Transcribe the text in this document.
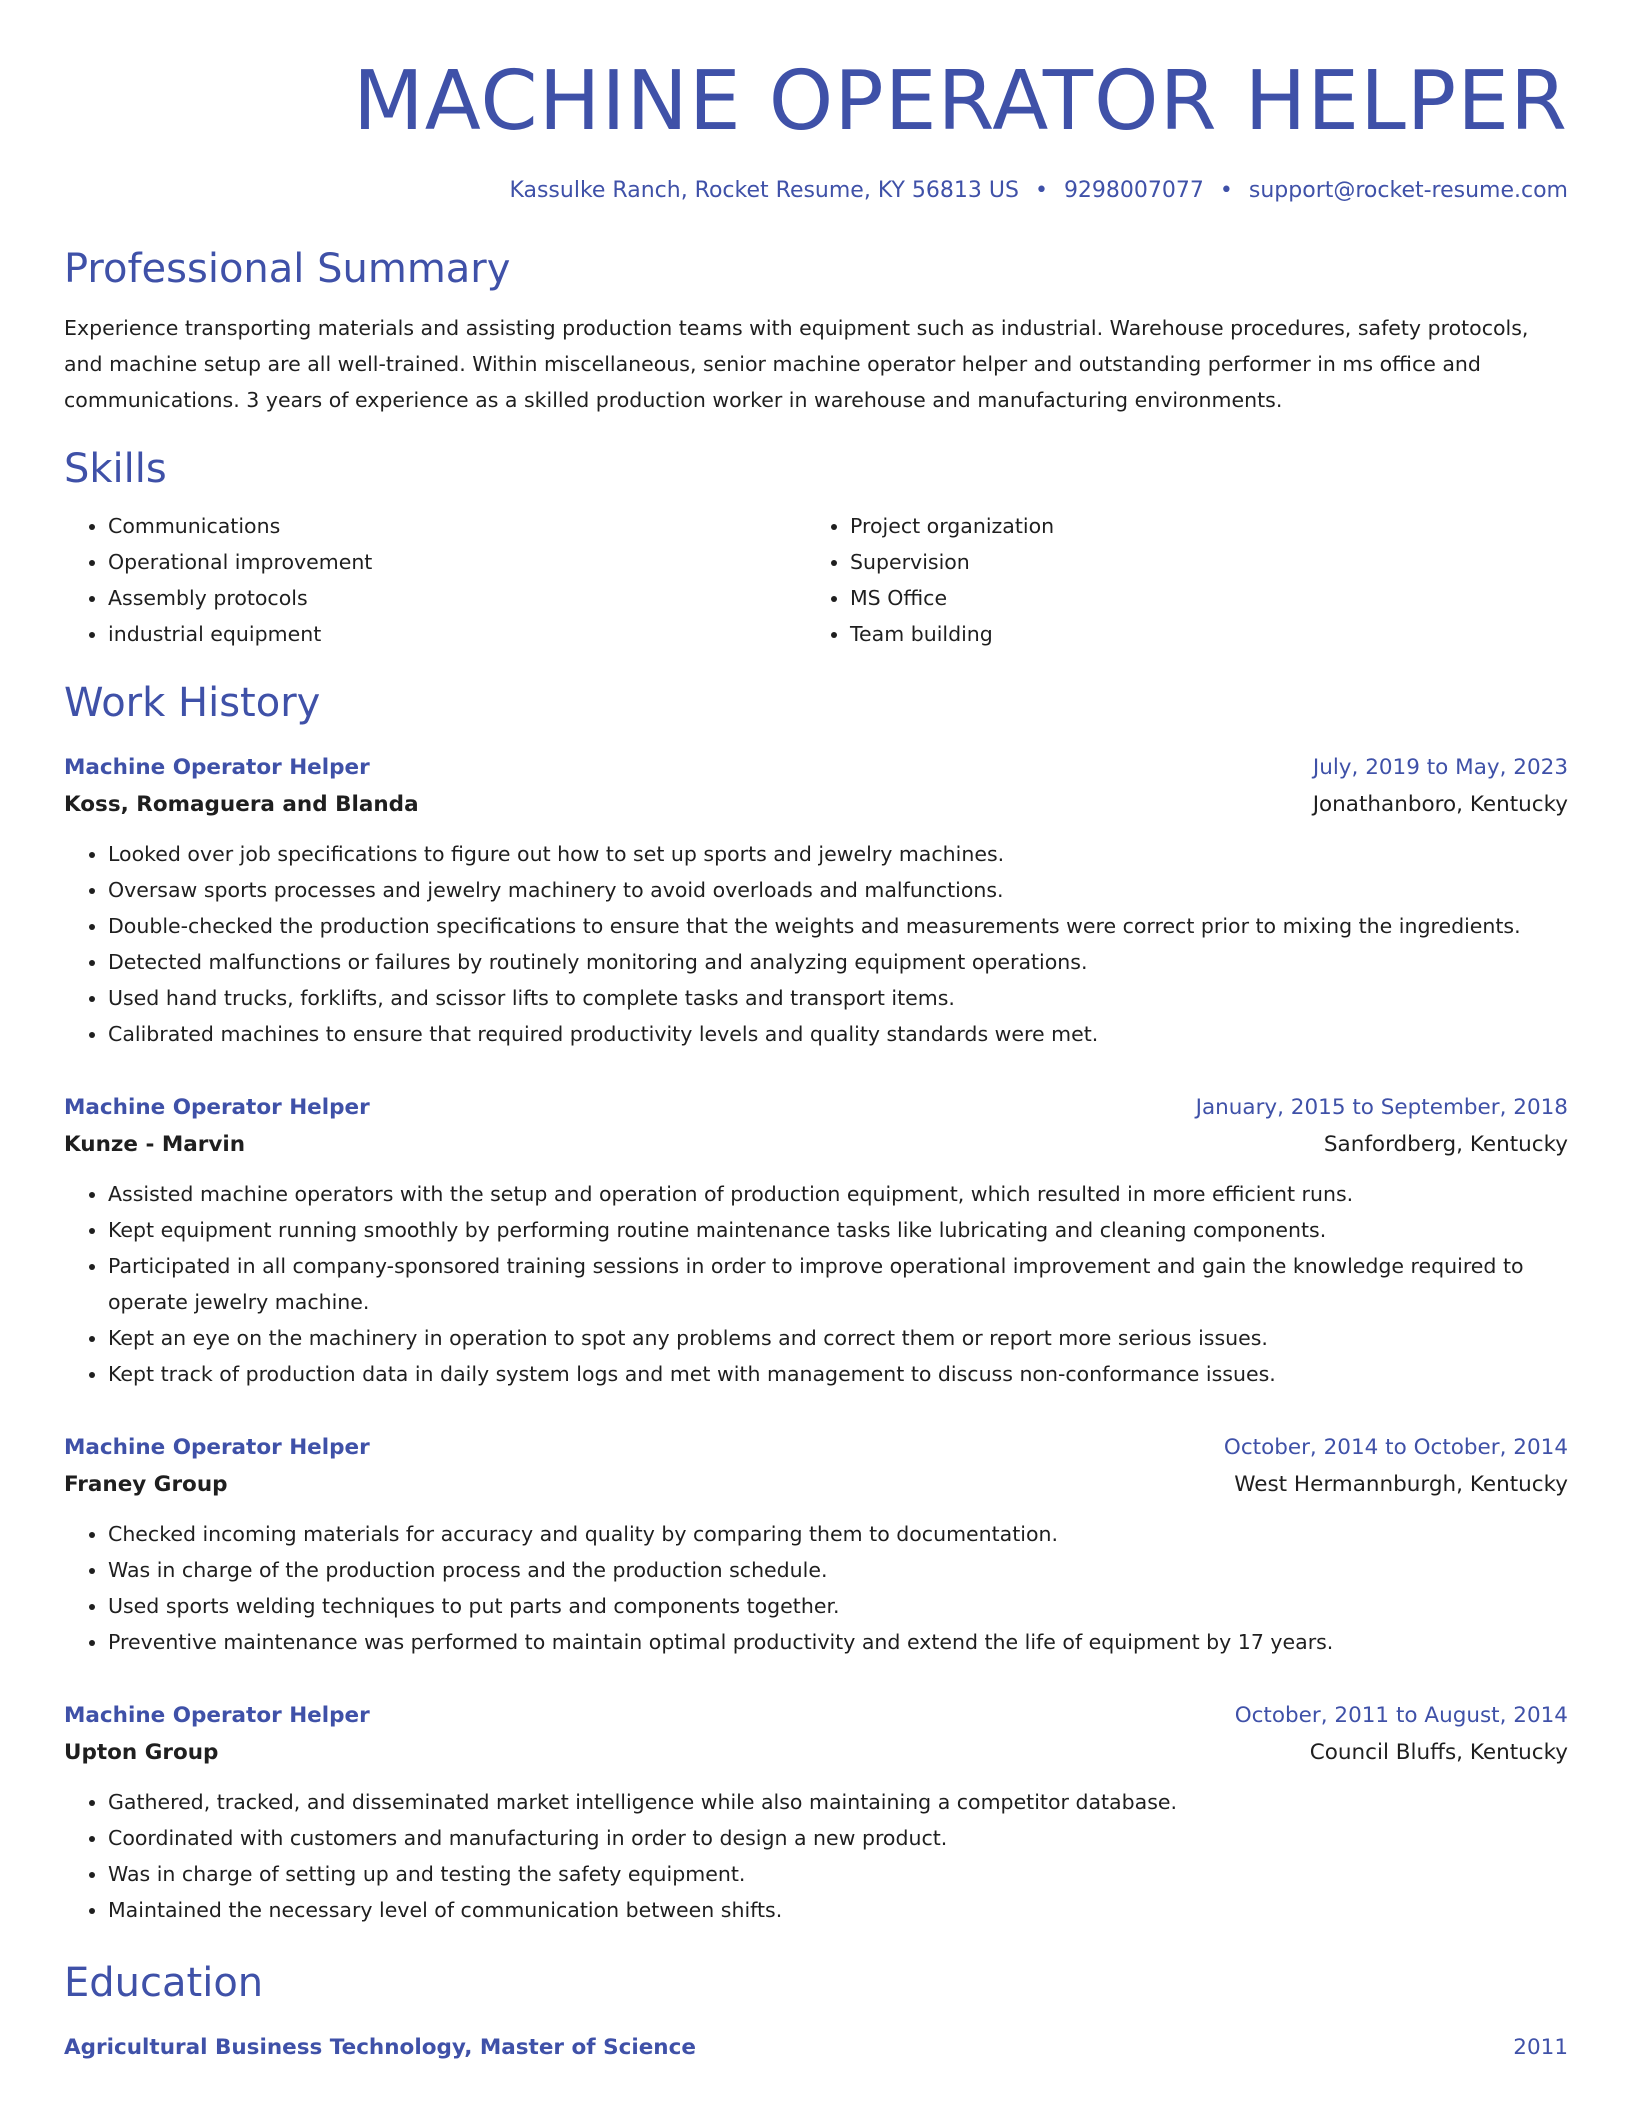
MACHINE OPERATOR HELPER
Kassulke Ranch, Rocket Resume, KY 56813 US • 9298007077 • support@rocket-resume.com
Professional Summary

Experience transporting materials and assisting production teams with equipment such as industrial. Warehouse procedures, safety protocols, and machine setup are all well-trained. Within miscellaneous, senior machine operator helper and outstanding performer in ms office and communications. 3 years of experience as a skilled production worker in warehouse and manufacturing environments.

Skills
• Communications
• Operational improvement
• Assembly protocols
• industrial equipment
• Project organization
• Supervision
• MS Office
• Team building
Work History
Machine Operator Helper	July, 2019 to May, 2023
Koss, Romaguera and Blanda	Jonathanboro, Kentucky
• Looked over job specifications to figure out how to set up sports and jewelry machines.
• Oversaw sports processes and jewelry machinery to avoid overloads and malfunctions.
• Double-checked the production specifications to ensure that the weights and measurements were correct prior to mixing the ingredients.
• Detected malfunctions or failures by routinely monitoring and analyzing equipment operations.
• Used hand trucks, forklifts, and scissor lifts to complete tasks and transport items.
• Calibrated machines to ensure that required productivity levels and quality standards were met.
Machine Operator Helper	January, 2015 to September, 2018
Kunze - Marvin	Sanfordberg, Kentucky
• Assisted machine operators with the setup and operation of production equipment, which resulted in more efficient runs.
• Kept equipment running smoothly by performing routine maintenance tasks like lubricating and cleaning components.
• Participated in all company-sponsored training sessions in order to improve operational improvement and gain the knowledge required to operate jewelry machine.
• Kept an eye on the machinery in operation to spot any problems and correct them or report more serious issues.
• Kept track of production data in daily system logs and met with management to discuss non-conformance issues.
Machine Operator Helper	October, 2014 to October, 2014
Franey Group	West Hermannburgh, Kentucky
• Checked incoming materials for accuracy and quality by comparing them to documentation.
• Was in charge of the production process and the production schedule.
• Used sports welding techniques to put parts and components together.
• Preventive maintenance was performed to maintain optimal productivity and extend the life of equipment by 17 years.
Machine Operator Helper	October, 2011 to August, 2014
Upton Group	Council Bluffs, Kentucky
• Gathered, tracked, and disseminated market intelligence while also maintaining a competitor database.
• Coordinated with customers and manufacturing in order to design a new product.
• Was in charge of setting up and testing the safety equipment.
• Maintained the necessary level of communication between shifts.
Education
Agricultural Business Technology, Master of Science	2011
